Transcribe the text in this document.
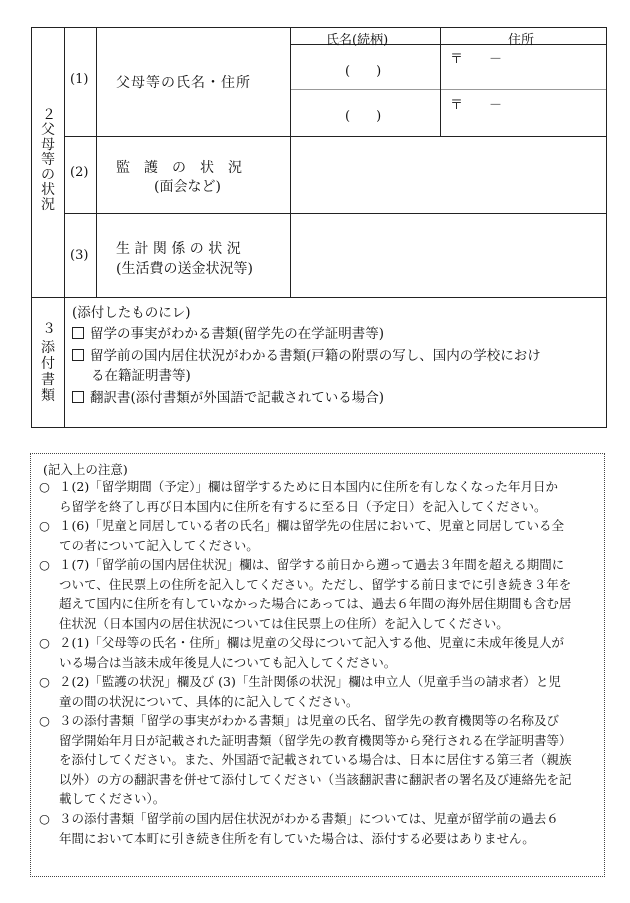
２
父
母
等
の
状
況
氏名(続柄)	住所
(1) 父母等の氏名・住所
(　　)
(　　)
〒　　－
〒　　－
(2) 監　護　の　状　況
(面会など)
(3) 生 計 関 係 の 状 況
(生活費の送金状況等)
３
添
付
書
類
(添付したものにレ)
留学の事実がわかる書類(留学先の在学証明書等)
留学前の国内居住状況がわかる書類(戸籍の附票の写し、国内の学校におけ
る在籍証明書等)
翻訳書(添付書類が外国語で記載されている場合)
(記入上の注意)
○ １(2)「留学期間（予定）」欄は留学するために日本国内に住所を有しなくなった年月日か
ら留学を終了し再び日本国内に住所を有するに至る日（予定日）を記入してください。
○ １(6)「児童と同居している者の氏名」欄は留学先の住居において、児童と同居している全
ての者について記入してください。
○ １(7)「留学前の国内居住状況」欄は、留学する前日から遡って過去３年間を超える期間に
ついて、住民票上の住所を記入してください。ただし、留学する前日までに引き続き３年を
超えて国内に住所を有していなかった場合にあっては、過去６年間の海外居住期間も含む居
住状況（日本国内の居住状況については住民票上の住所）を記入してください。
○ ２(1)「父母等の氏名・住所」欄は児童の父母について記入する他、児童に未成年後見人が
いる場合は当該未成年後見人についても記入してください。
○ ２(2)「監護の状況」欄及び (3)「生計関係の状況」欄は申立人（児童手当の請求者）と児
童の間の状況について、具体的に記入してください。
○ ３の添付書類「留学の事実がわかる書類」は児童の氏名、留学先の教育機関等の名称及び
留学開始年月日が記載された証明書類（留学先の教育機関等から発行される在学証明書等）
を添付してください。また、外国語で記載されている場合は、日本に居住する第三者（親族
以外）の方の翻訳書を併せて添付してください（当該翻訳書に翻訳者の署名及び連絡先を記
載してください）。
○ ３の添付書類「留学前の国内居住状況がわかる書類」については、児童が留学前の過去６
年間において本町に引き続き住所を有していた場合は、添付する必要はありません。
